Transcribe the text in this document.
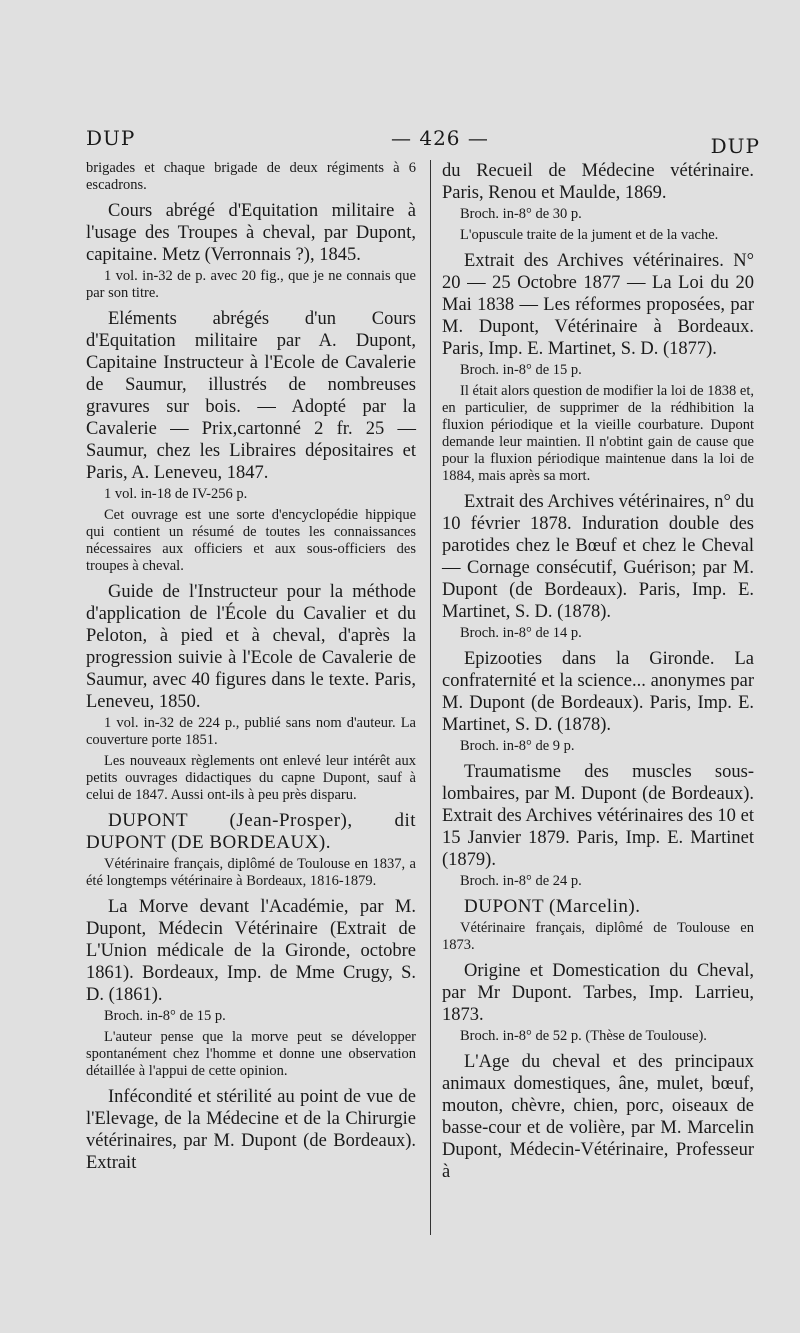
DUP	— 426 —	DUP

brigades et chaque brigade de deux régiments à 6 escadrons.

Cours abrégé d'Equitation militaire à l'usage des Troupes à cheval, par Dupont, capitaine. Metz (Verronnais ?), 1845.

1 vol. in-32 de p. avec 20 fig., que je ne connais que par son titre.

Eléments abrégés d'un Cours d'Equitation militaire par A. Dupont, Capitaine Instructeur à l'Ecole de Cavalerie de Saumur, illustrés de nombreuses gravures sur bois. — Adopté par la Cavalerie — Prix,cartonné 2 fr. 25 — Saumur, chez les Libraires dépositaires et Paris, A. Leneveu, 1847.

1 vol. in-18 de IV-256 p.

Cet ouvrage est une sorte d'encyclopédie hippique qui contient un résumé de toutes les connaissances nécessaires aux officiers et aux sous-officiers des troupes à cheval.

Guide de l'Instructeur pour la méthode d'application de l'École du Cavalier et du Peloton, à pied et à cheval, d'après la progression suivie à l'Ecole de Cavalerie de Saumur, avec 40 figures dans le texte. Paris, Leneveu, 1850.

1 vol. in-32 de 224 p., publié sans nom d'auteur. La couverture porte 1851.

Les nouveaux règlements ont enlevé leur intérêt aux petits ouvrages didactiques du capne Dupont, sauf à celui de 1847. Aussi ont-ils à peu près disparu.

DUPONT (Jean-Prosper), dit DUPONT (DE BORDEAUX).

Vétérinaire français, diplômé de Toulouse en 1837, a été longtemps vétérinaire à Bordeaux, 1816-1879.

La Morve devant l'Académie, par M. Dupont, Médecin Vétérinaire (Extrait de L'Union médicale de la Gironde, octobre 1861). Bordeaux, Imp. de Mme Crugy, S. D. (1861).

Broch. in-8° de 15 p.

L'auteur pense que la morve peut se développer spontanément chez l'homme et donne une observation détaillée à l'appui de cette opinion.

Infécondité et stérilité au point de vue de l'Elevage, de la Médecine et de la Chirurgie vétérinaires, par M. Dupont (de Bordeaux). Extrait

du Recueil de Médecine vétérinaire. Paris, Renou et Maulde, 1869.

Broch. in-8° de 30 p.

L'opuscule traite de la jument et de la vache.

Extrait des Archives vétérinaires. N° 20 — 25 Octobre 1877 — La Loi du 20 Mai 1838 — Les réformes proposées, par M. Dupont, Vétérinaire à Bordeaux. Paris, Imp. E. Martinet, S. D. (1877).

Broch. in-8° de 15 p.

Il était alors question de modifier la loi de 1838 et, en particulier, de supprimer de la rédhibition la fluxion périodique et la vieille courbature. Dupont demande leur maintien. Il n'obtint gain de cause que pour la fluxion périodique maintenue dans la loi de 1884, mais après sa mort.

Extrait des Archives vétérinaires, n° du 10 février 1878. Induration double des parotides chez le Bœuf et chez le Cheval — Cornage consécutif, Guérison; par M. Dupont (de Bordeaux). Paris, Imp. E. Martinet, S. D. (1878).

Broch. in-8° de 14 p.

Epizooties dans la Gironde. La confraternité et la science... anonymes par M. Dupont (de Bordeaux). Paris, Imp. E. Martinet, S. D. (1878).

Broch. in-8° de 9 p.

Traumatisme des muscles sous-lombaires, par M. Dupont (de Bordeaux). Extrait des Archives vétérinaires des 10 et 15 Janvier 1879. Paris, Imp. E. Martinet (1879).

Broch. in-8° de 24 p.

DUPONT (Marcelin).

Vétérinaire français, diplômé de Toulouse en 1873.

Origine et Domestication du Cheval, par Mr Dupont. Tarbes, Imp. Larrieu, 1873.

Broch. in-8° de 52 p. (Thèse de Toulouse).

L'Age du cheval et des principaux animaux domestiques, âne, mulet, bœuf, mouton, chèvre, chien, porc, oiseaux de basse-cour et de volière, par M. Marcelin Dupont, Médecin-Vétérinaire, Professeur à
